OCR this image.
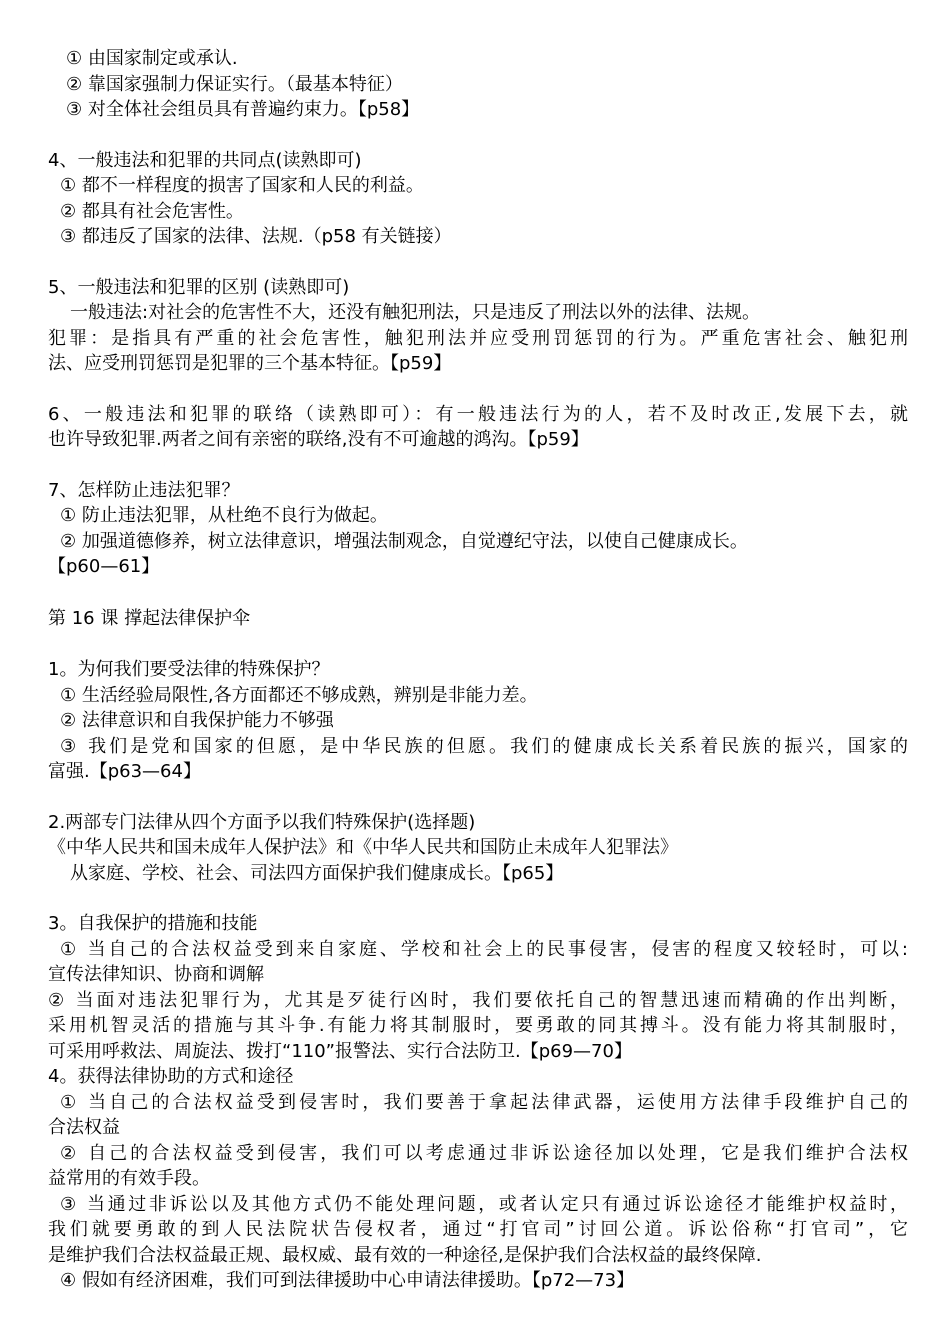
① 由国家制定或承认.
② 靠国家强制力保证实行。（最基本特征）
③ 对全体社会组员具有普遍约束力。【p58】
4、一般违法和犯罪的共同点(读熟即可)
① 都不一样程度的损害了国家和人民的利益。
② 都具有社会危害性。
③ 都违反了国家的法律、法规.（p58 有关链接）
5、一般违法和犯罪的区别 (读熟即可)
一般违法:对社会的危害性不大，还没有触犯刑法，只是违反了刑法以外的法律、法规。
犯罪：是指具有严重的社会危害性，触犯刑法并应受刑罚惩罚的行为。严重危害社会、触犯刑
法、应受刑罚惩罚是犯罪的三个基本特征。【p59】
6、一般违法和犯罪的联络（读熟即可）：有一般违法行为的人，若不及时改正,发展下去，就
也许导致犯罪.两者之间有亲密的联络,没有不可逾越的鸿沟。【p59】
7、怎样防止违法犯罪？
① 防止违法犯罪，从杜绝不良行为做起。
② 加强道德修养，树立法律意识，增强法制观念，自觉遵纪守法，以使自己健康成长。
【p60—61】
第 16 课 撑起法律保护伞
1。为何我们要受法律的特殊保护？
① 生活经验局限性,各方面都还不够成熟，辨别是非能力差。
② 法律意识和自我保护能力不够强
③ 我们是党和国家的但愿，是中华民族的但愿。我们的健康成长关系着民族的振兴，国家的
富强.【p63—64】
2.两部专门法律从四个方面予以我们特殊保护(选择题)
《中华人民共和国未成年人保护法》和《中华人民共和国防止未成年人犯罪法》
从家庭、学校、社会、司法四方面保护我们健康成长。【p65】
3。自我保护的措施和技能
① 当自己的合法权益受到来自家庭、学校和社会上的民事侵害，侵害的程度又较轻时，可以:
宣传法律知识、协商和调解
② 当面对违法犯罪行为，尤其是歹徒行凶时，我们要依托自己的智慧迅速而精确的作出判断，
采用机智灵活的措施与其斗争.有能力将其制服时，要勇敢的同其搏斗。没有能力将其制服时，
可采用呼救法、周旋法、拨打“110”报警法、实行合法防卫.【p69—70】
4。获得法律协助的方式和途径
① 当自己的合法权益受到侵害时，我们要善于拿起法律武器，运使用方法律手段维护自己的
合法权益
② 自己的合法权益受到侵害，我们可以考虑通过非诉讼途径加以处理，它是我们维护合法权
益常用的有效手段。
③ 当通过非诉讼以及其他方式仍不能处理问题，或者认定只有通过诉讼途径才能维护权益时，
我们就要勇敢的到人民法院状告侵权者，通过“打官司”讨回公道。诉讼俗称“打官司”，它
是维护我们合法权益最正规、最权威、最有效的一种途径,是保护我们合法权益的最终保障.
④ 假如有经济困难，我们可到法律援助中心申请法律援助。【p72—73】
